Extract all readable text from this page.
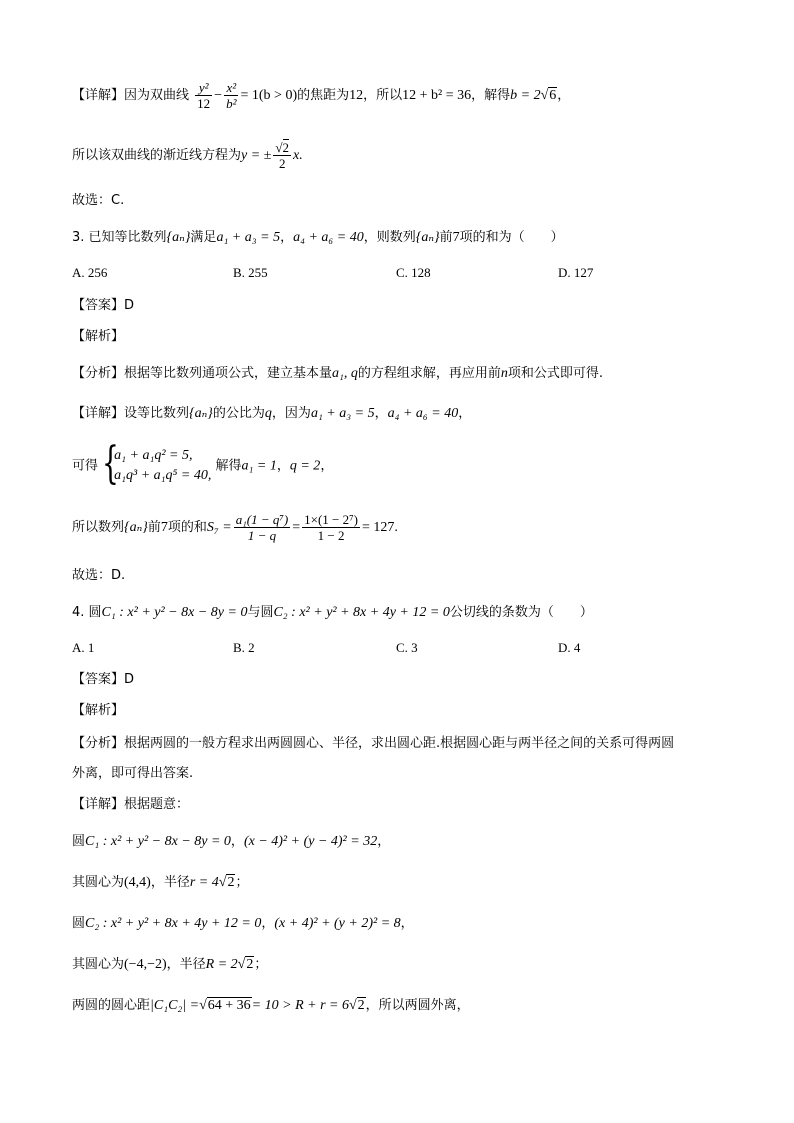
【详解】因为双曲线 $\frac{\text{y²}}{12} - \frac{\text{x²}}{\text{b²}} = 1(b > 0)$的焦距为12，所以12 + b² = 36，解得b = 2√6，
所以该双曲线的渐近线方程为y = ± $\frac{√2}{2} x$.
故选：C.
3. 已知等比数列{aₙ}满足a₁ + a₃ = 5，a₄ + a₆ = 40，则数列{aₙ}前7项的和为（　　）
A. 256	B. 255	C. 128	D. 127
【答案】D
【解析】
【分析】根据等比数列通项公式，建立基本量a₁, q的方程组求解，再应用前n项和公式即可得.
【详解】设等比数列{aₙ}的公比为q，因为a₁ + a₃ = 5，a₄ + a₆ = 40，
可得 {
a₁ + a₁q² = 5,
a₁q³ + a₁q⁵ = 40,
解得a₁ = 1，q = 2，
所以数列{aₙ}前7项的和$S_7 = \frac{\text{a₁(1 − q⁷)}}{1 - q} = \frac{\text{1×(1 − 2⁷)}}{1 - 2} = 127$.
故选：D.
4. 圆C₁ : x² + y² − 8x − 8y = 0与圆C₂ : x² + y² + 8x + 4y + 12 = 0公切线的条数为（　　）
A. 1	B. 2	C. 3	D. 4
【答案】D
【解析】
【分析】根据两圆的一般方程求出两圆圆心、半径，求出圆心距.根据圆心距与两半径之间的关系可得两圆
外离，即可得出答案.
【详解】根据题意：
圆C₁ : x² + y² − 8x − 8y = 0，(x − 4)² + (y − 4)² = 32，
其圆心为(4,4)，半径r = 4√2；
圆C₂ : x² + y² + 8x + 4y + 12 = 0，(x + 4)² + (y + 2)² = 8，
其圆心为(−4,−2)，半径R = 2√2；
两圆的圆心距|C₁C₂| =√64 + 36= 10 > R + r = 6√2，所以两圆外离，
